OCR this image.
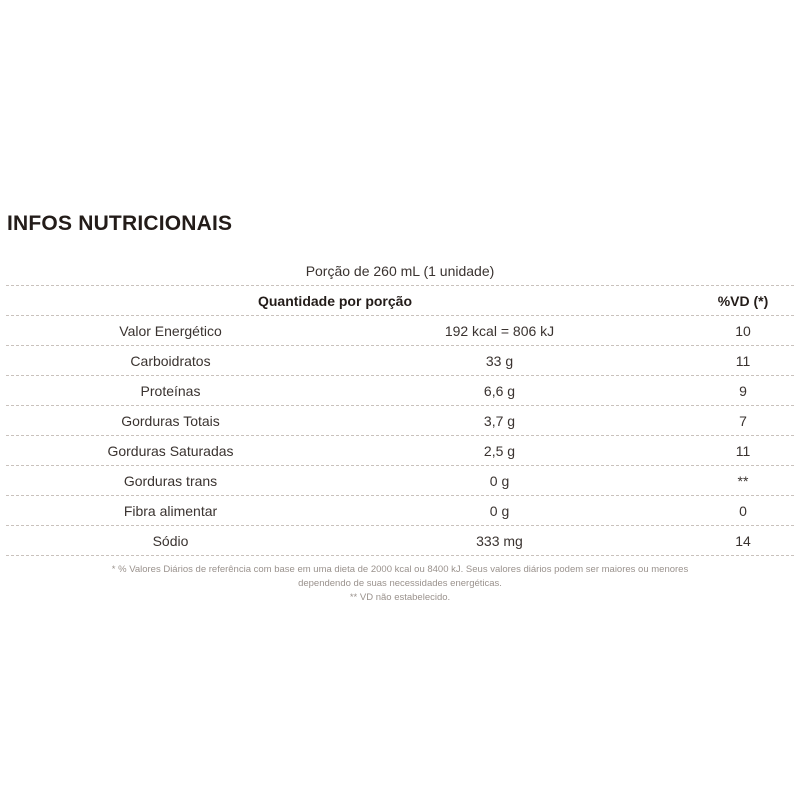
INFOS NUTRICIONAIS
Porção de 260 mL (1 unidade)
Quantidade por porção	%VD (*)
Valor Energético	192 kcal = 806 kJ	10
Carboidratos	33 g	11
Proteínas	6,6 g	9
Gorduras Totais	3,7 g	7
Gorduras Saturadas	2,5 g	11
Gorduras trans	0 g	**
Fibra alimentar	0 g	0
Sódio	333 mg	14
* % Valores Diários de referência com base em uma dieta de 2000 kcal ou 8400 kJ. Seus valores diários podem ser maiores ou menores
dependendo de suas necessidades energéticas.
** VD não estabelecido.
